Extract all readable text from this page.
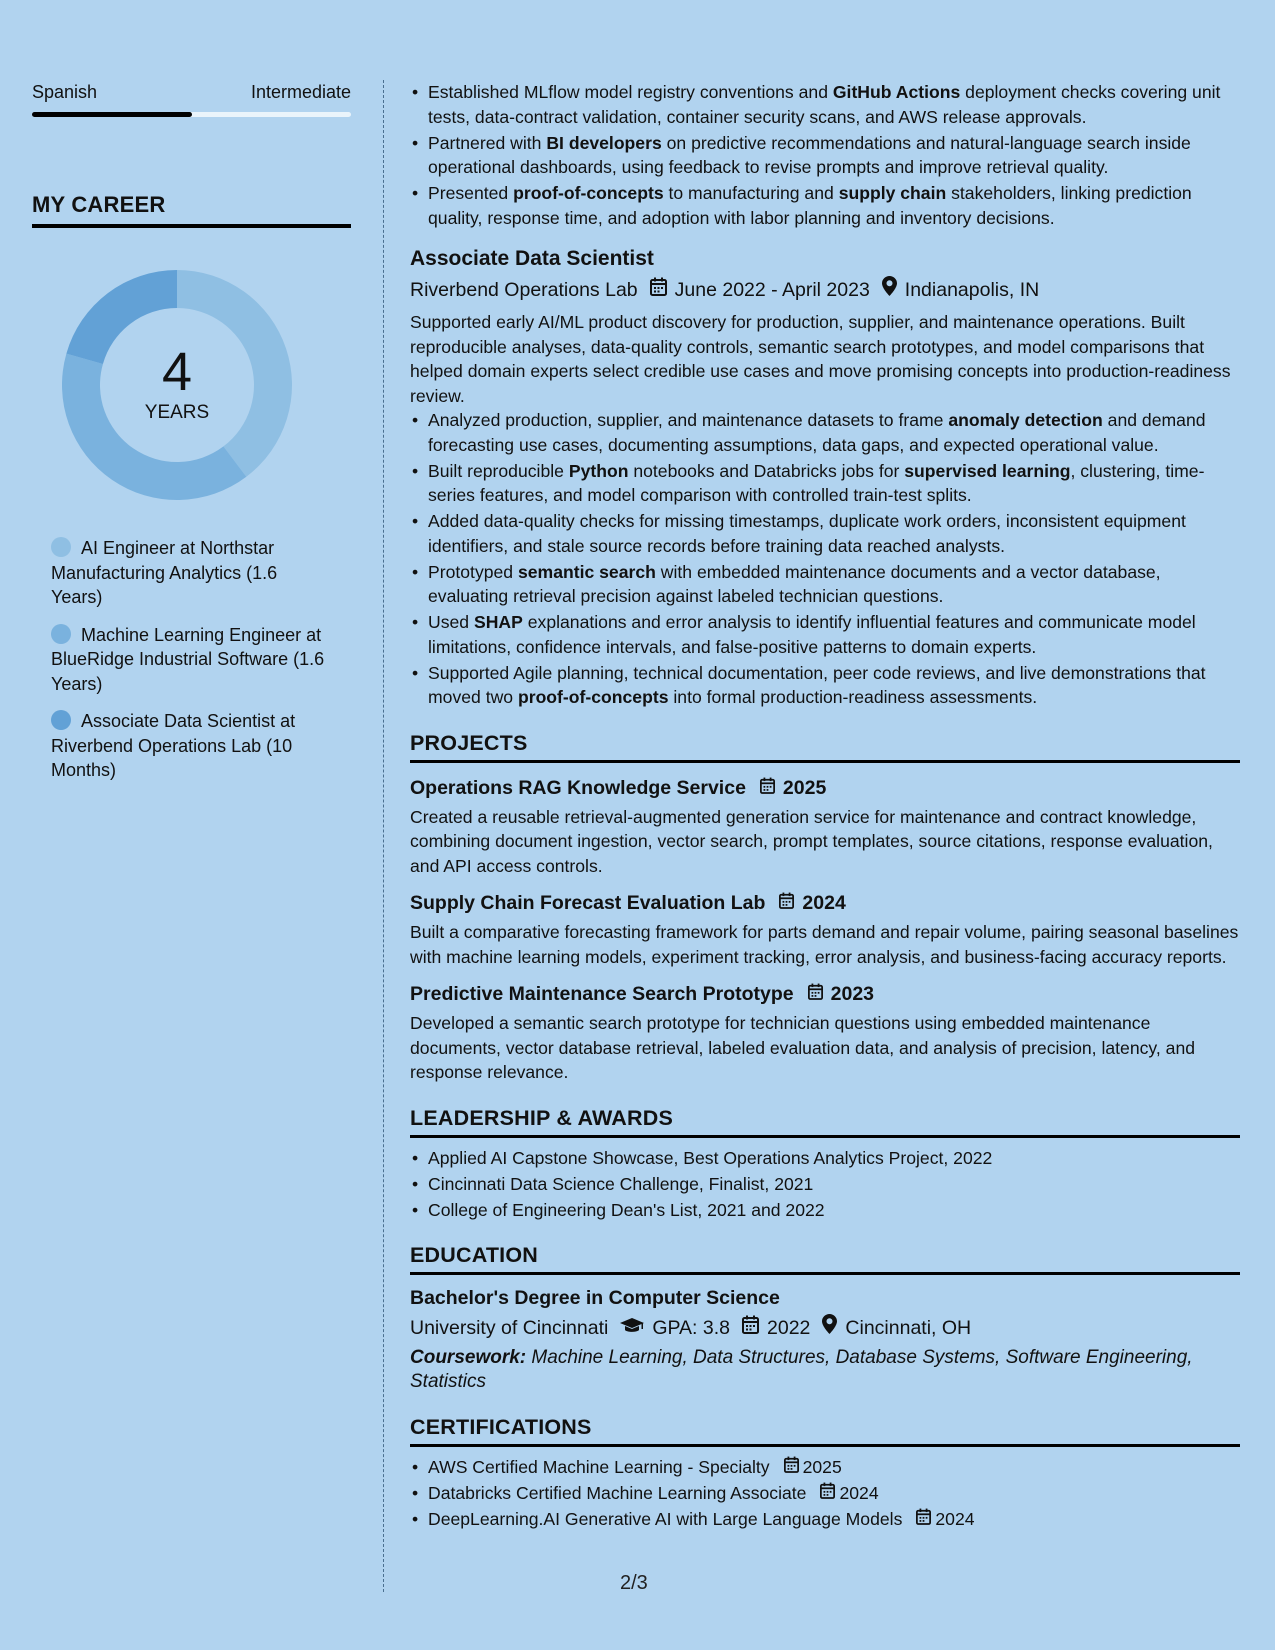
Spanish	Intermediate
MY CAREER
4
YEARS
AI Engineer at Northstar Manufacturing Analytics (1.6 Years)
Machine Learning Engineer at BlueRidge Industrial Software (1.6 Years)
Associate Data Scientist at Riverbend Operations Lab (10 Months)
• Established MLflow model registry conventions and GitHub Actions deployment checks covering unit tests, data-contract validation, container security scans, and AWS release approvals.
• Partnered with BI developers on predictive recommendations and natural-language search inside operational dashboards, using feedback to revise prompts and improve retrieval quality.
• Presented proof-of-concepts to manufacturing and supply chain stakeholders, linking prediction quality, response time, and adoption with labor planning and inventory decisions.
Associate Data Scientist
Riverbend Operations Lab June 2022 - April 2023 Indianapolis, IN
Supported early AI/ML product discovery for production, supplier, and maintenance operations. Built reproducible analyses, data-quality controls, semantic search prototypes, and model comparisons that helped domain experts select credible use cases and move promising concepts into production-readiness review.
• Analyzed production, supplier, and maintenance datasets to frame anomaly detection and demand forecasting use cases, documenting assumptions, data gaps, and expected operational value.
• Built reproducible Python notebooks and Databricks jobs for supervised learning, clustering, time-series features, and model comparison with controlled train-test splits.
• Added data-quality checks for missing timestamps, duplicate work orders, inconsistent equipment identifiers, and stale source records before training data reached analysts.
• Prototyped semantic search with embedded maintenance documents and a vector database, evaluating retrieval precision against labeled technician questions.
• Used SHAP explanations and error analysis to identify influential features and communicate model limitations, confidence intervals, and false-positive patterns to domain experts.
• Supported Agile planning, technical documentation, peer code reviews, and live demonstrations that moved two proof-of-concepts into formal production-readiness assessments.
PROJECTS
Operations RAG Knowledge Service 2025
Created a reusable retrieval-augmented generation service for maintenance and contract knowledge, combining document ingestion, vector search, prompt templates, source citations, response evaluation, and API access controls.
Supply Chain Forecast Evaluation Lab 2024
Built a comparative forecasting framework for parts demand and repair volume, pairing seasonal baselines with machine learning models, experiment tracking, error analysis, and business-facing accuracy reports.
Predictive Maintenance Search Prototype 2023
Developed a semantic search prototype for technician questions using embedded maintenance documents, vector database retrieval, labeled evaluation data, and analysis of precision, latency, and response relevance.
LEADERSHIP & AWARDS
• Applied AI Capstone Showcase, Best Operations Analytics Project, 2022
• Cincinnati Data Science Challenge, Finalist, 2021
• College of Engineering Dean's List, 2021 and 2022
EDUCATION
Bachelor's Degree in Computer Science
University of Cincinnati GPA: 3.8 2022 Cincinnati, OH
Coursework: Machine Learning, Data Structures, Database Systems, Software Engineering, Statistics
CERTIFICATIONS
• AWS Certified Machine Learning - Specialty 2025
• Databricks Certified Machine Learning Associate 2024
• DeepLearning.AI Generative AI with Large Language Models 2024
2/3
